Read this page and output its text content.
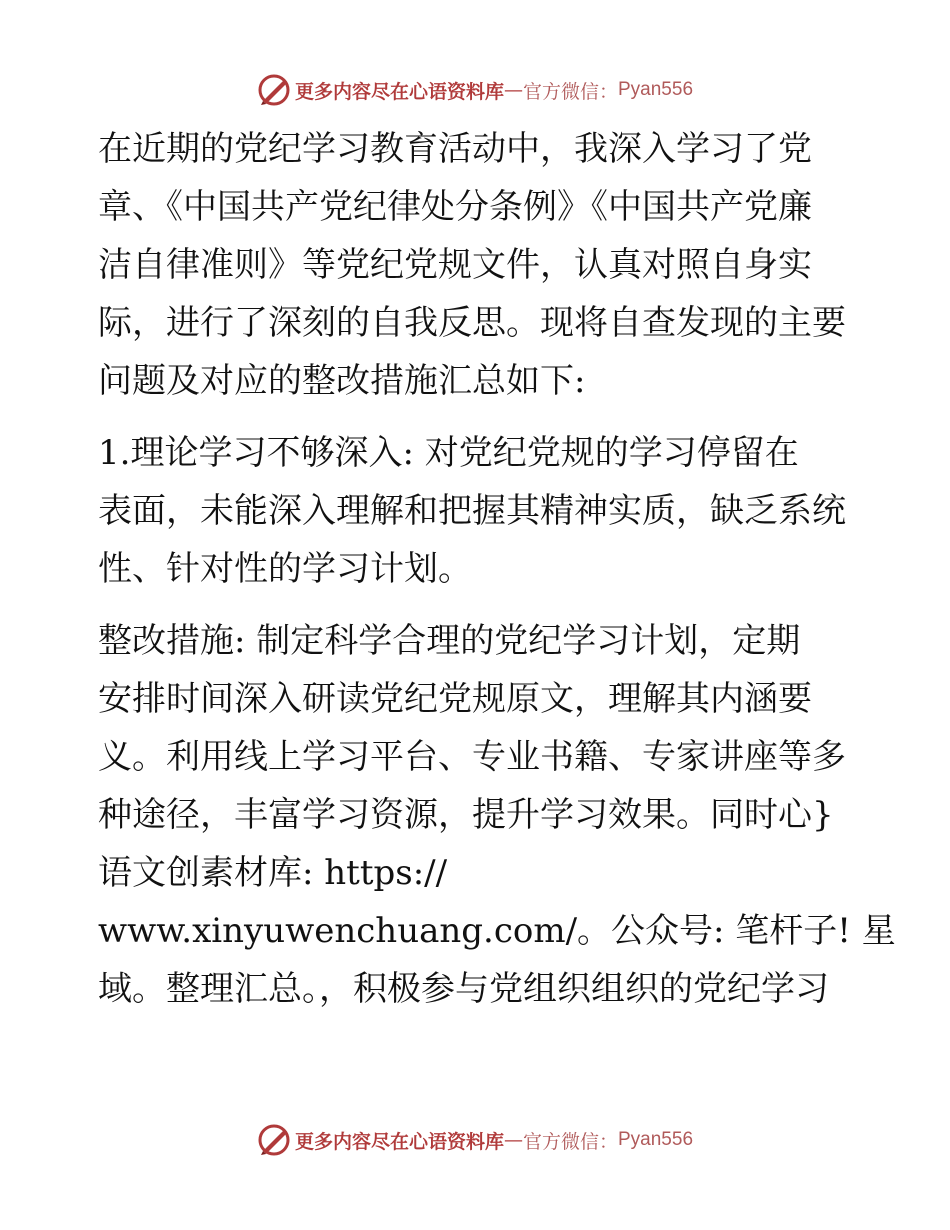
更多内容尽在心语资料库 — 官方微信： Pyan556
在近期的党纪学习教育活动中，我深入学习了党
章、《中国共产党纪律处分条例》《中国共产党廉
洁自律准则》等党纪党规文件，认真对照自身实
际，进行了深刻的自我反思。现将自查发现的主要
问题及对应的整改措施汇总如下:
1.理论学习不够深入: 对党纪党规的学习停留在
表面，未能深入理解和把握其精神实质，缺乏系统
性、针对性的学习计划。
整改措施: 制定科学合理的党纪学习计划，定期
安排时间深入研读党纪党规原文，理解其内涵要
义。利用线上学习平台、专业书籍、专家讲座等多
种途径，丰富学习资源，提升学习效果。同时心}
语文创素材库: https://
www.xinyuwenchuang.com/。公众号: 笔杆子! 星
域。整理汇总。，积极参与党组织组织的党纪学习
更多内容尽在心语资料库 — 官方微信： Pyan556
